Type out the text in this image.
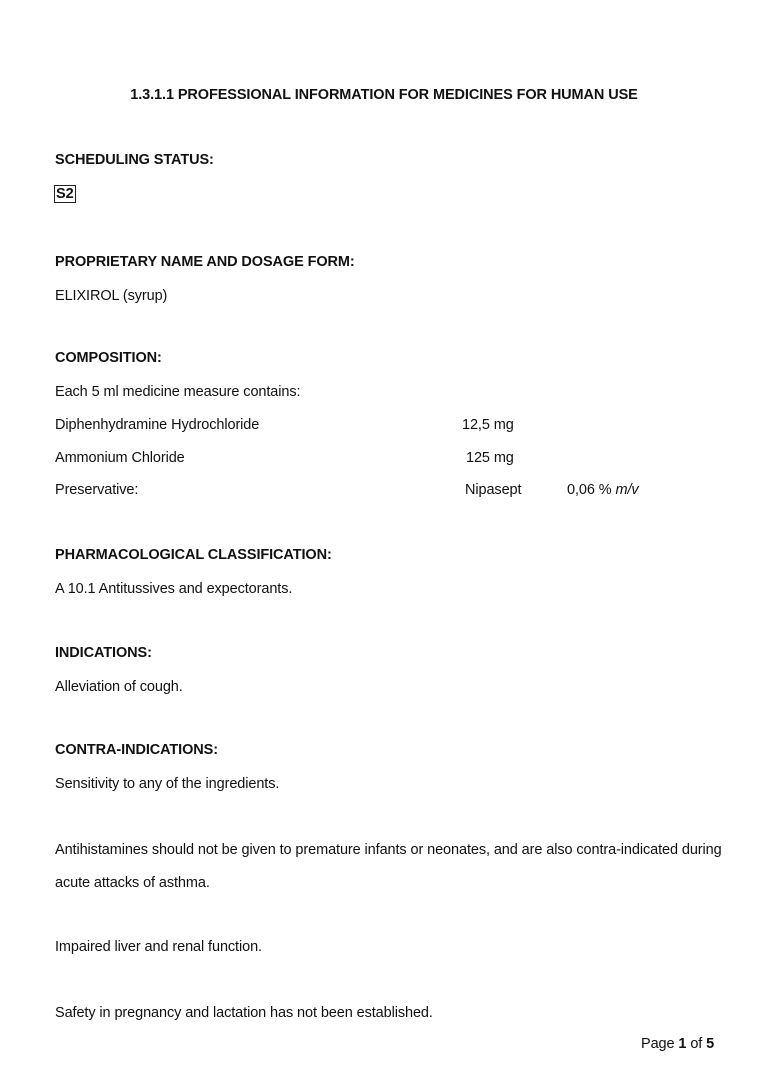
1.3.1.1 PROFESSIONAL INFORMATION FOR MEDICINES FOR HUMAN USE
SCHEDULING STATUS:
S2
PROPRIETARY NAME AND DOSAGE FORM:
ELIXIROL (syrup)
COMPOSITION:
Each 5 ml medicine measure contains:
Diphenhydramine Hydrochloride	12,5 mg
Ammonium Chloride	125 mg
Preservative:	Nipasept	0,06 % m/v
PHARMACOLOGICAL CLASSIFICATION:
A 10.1 Antitussives and expectorants.
INDICATIONS:
Alleviation of cough.
CONTRA-INDICATIONS:
Sensitivity to any of the ingredients.
Antihistamines should not be given to premature infants or neonates, and are also contra-indicated during
acute attacks of asthma.
Impaired liver and renal function.
Safety in pregnancy and lactation has not been established.
Page 1 of 5
